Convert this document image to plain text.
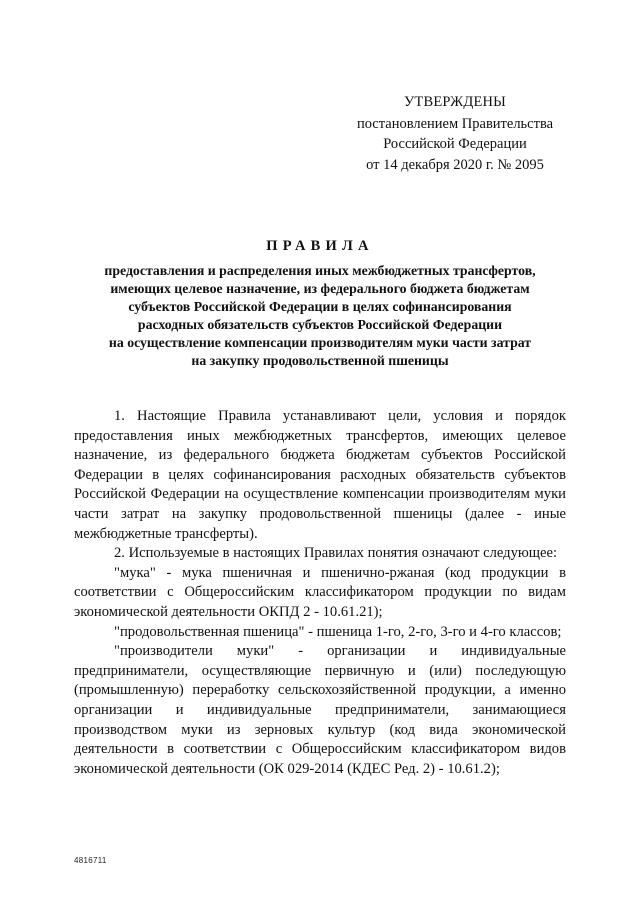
УТВЕРЖДЕНЫ
постановлением Правительства
Российской Федерации
от 14 декабря 2020 г. № 2095
ПРАВИЛА
предоставления и распределения иных межбюджетных трансфертов,
имеющих целевое назначение, из федерального бюджета бюджетам
субъектов Российской Федерации в целях софинансирования
расходных обязательств субъектов Российской Федерации
на осуществление компенсации производителям муки части затрат
на закупку продовольственной пшеницы

1. Настоящие Правила устанавливают цели, условия и порядок предоставления иных межбюджетных трансфертов, имеющих целевое назначение, из федерального бюджета бюджетам субъектов Российской Федерации в целях софинансирования расходных обязательств субъектов Российской Федерации на осуществление компенсации производителям муки части затрат на закупку продовольственной пшеницы (далее - иные межбюджетные трансферты).

2. Используемые в настоящих Правилах понятия означают следующее:

"мука" - мука пшеничная и пшенично-ржаная (код продукции в соответствии с Общероссийским классификатором продукции по видам экономической деятельности ОКПД 2 - 10.61.21);

"продовольственная пшеница" - пшеница 1-го, 2-го, 3-го и 4-го классов;

"производители муки" - организации и индивидуальные предприниматели, осуществляющие первичную и (или) последующую (промышленную) переработку сельскохозяйственной продукции, а именно организации и индивидуальные предприниматели, занимающиеся производством муки из зерновых культур (код вида экономической деятельности в соответствии с Общероссийским классификатором видов экономической деятельности (ОК 029-2014 (КДЕС Ред. 2) - 10.61.2);

4816711
